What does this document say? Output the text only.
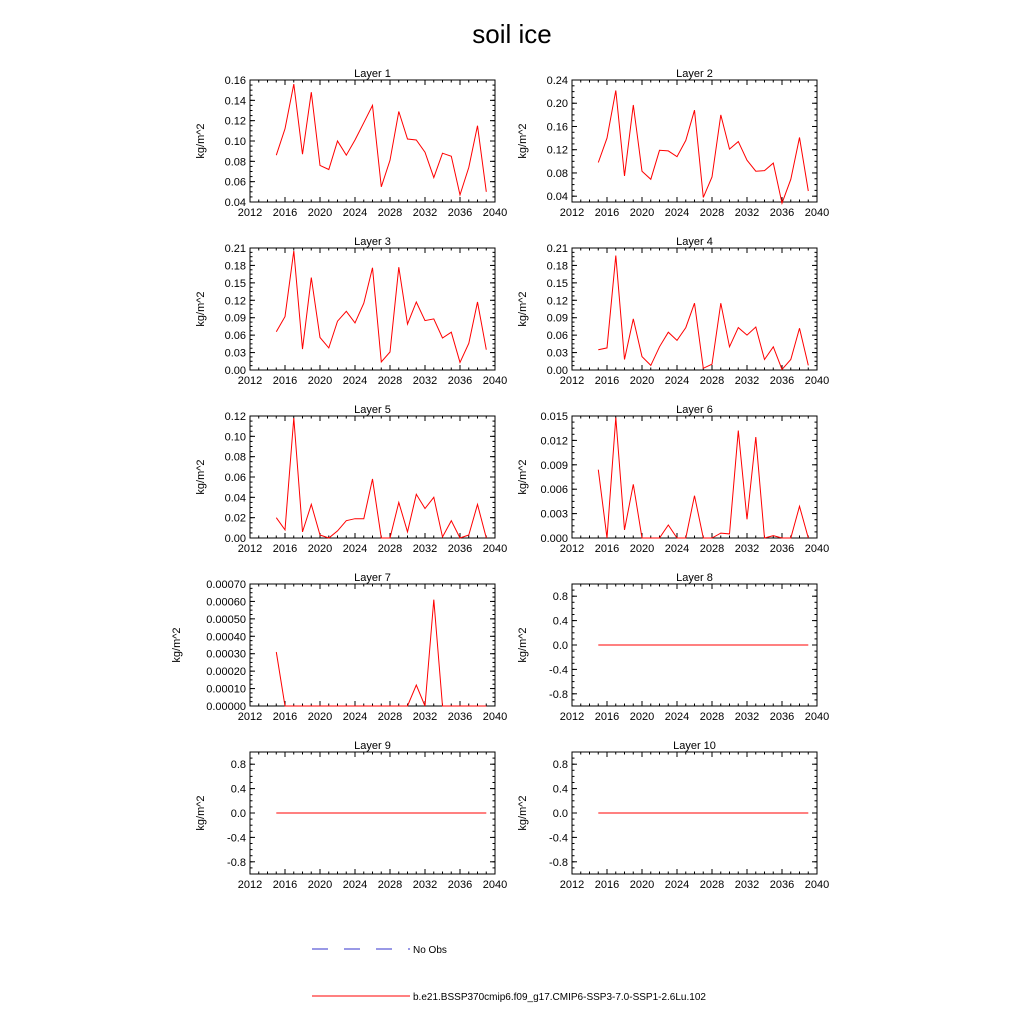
soil ice
Layer 1
kg/m^2
2012 2016 2020 2024 2028 2032 2036 2040
0.04
0.06
0.08
0.10
0.12
0.14
0.16
Layer 2
kg/m^2
2012 2016 2020 2024 2028 2032 2036 2040
0.04
0.08
0.12
0.16
0.20
0.24
Layer 3
kg/m^2
2012 2016 2020 2024 2028 2032 2036 2040
0.00
0.03
0.06
0.09
0.12
0.15
0.18
0.21
Layer 4
kg/m^2
2012 2016 2020 2024 2028 2032 2036 2040
0.00
0.03
0.06
0.09
0.12
0.15
0.18
0.21
Layer 5
kg/m^2
2012 2016 2020 2024 2028 2032 2036 2040
0.00
0.02
0.04
0.06
0.08
0.10
0.12
Layer 6
kg/m^2
2012 2016 2020 2024 2028 2032 2036 2040
0.000
0.003
0.006
0.009
0.012
0.015
Layer 7
kg/m^2
2012 2016 2020 2024 2028 2032 2036 2040
0.00000
0.00010
0.00020
0.00030
0.00040
0.00050
0.00060
0.00070
Layer 8
kg/m^2
2012 2016 2020 2024 2028 2032 2036 2040
-0.8
-0.4
0.0
0.4
0.8
Layer 9
kg/m^2
2012 2016 2020 2024 2028 2032 2036 2040
-0.8
-0.4
0.0
0.4
0.8
Layer 10
kg/m^2
2012 2016 2020 2024 2028 2032 2036 2040
-0.8
-0.4
0.0
0.4
0.8
No Obs
b.e21.BSSP370cmip6.f09_g17.CMIP6-SSP3-7.0-SSP1-2.6Lu.102
